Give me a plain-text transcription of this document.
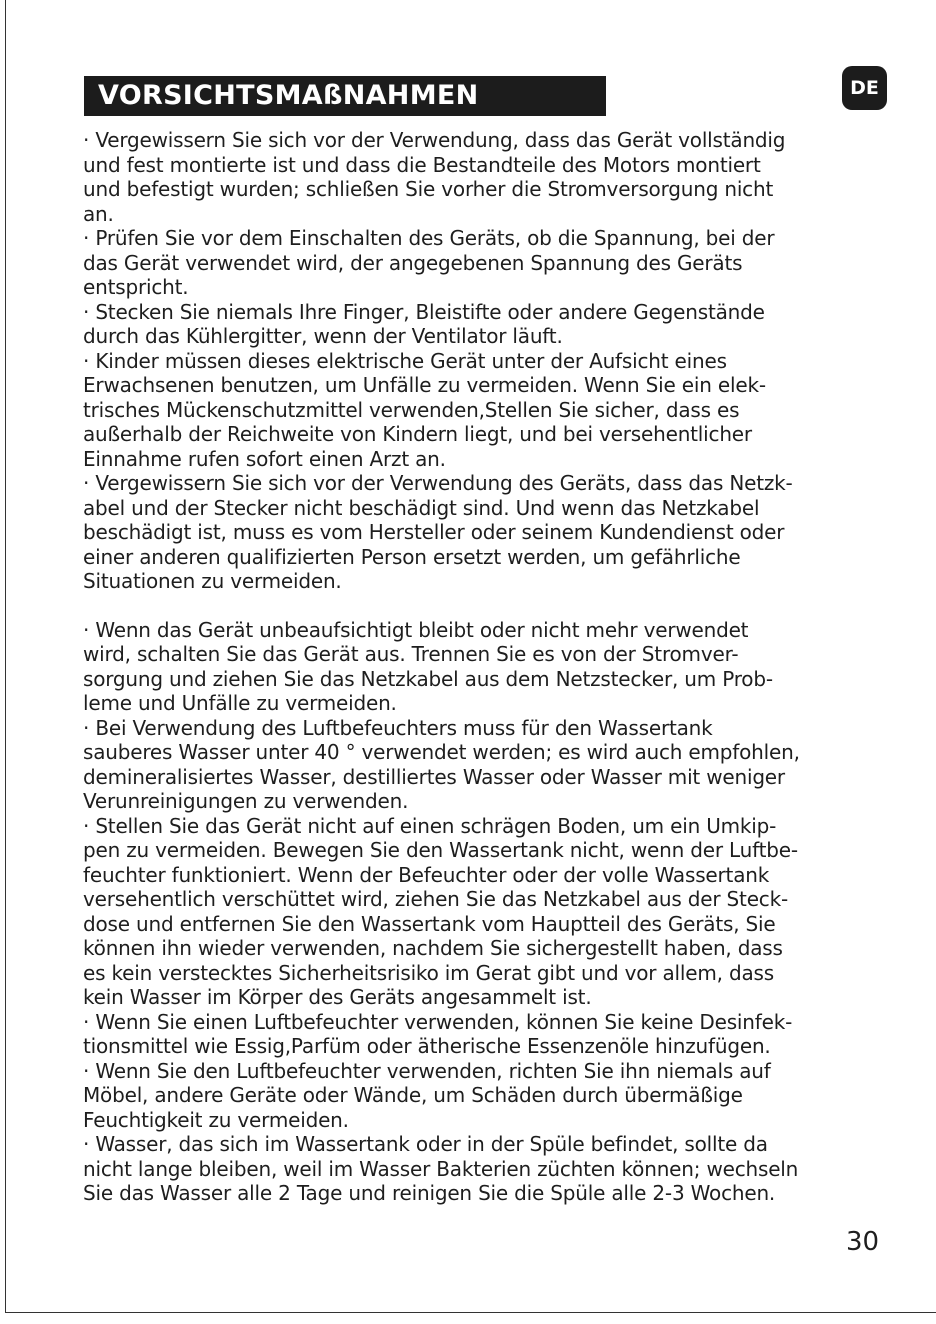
VORSICHTSMAßNAHMEN	DE

· Vergewissern Sie sich vor der Verwendung, dass das Gerät vollständig
und fest montierte ist und dass die Bestandteile des Motors montiert
und befestigt wurden; schließen Sie vorher die Stromversorgung nicht
an.

· Prüfen Sie vor dem Einschalten des Geräts, ob die Spannung, bei der
das Gerät verwendet wird, der angegebenen Spannung des Geräts
entspricht.

· Stecken Sie niemals Ihre Finger, Bleistifte oder andere Gegenstände
durch das Kühlergitter, wenn der Ventilator läuft.

· Kinder müssen dieses elektrische Gerät unter der Aufsicht eines
Erwachsenen benutzen, um Unfälle zu vermeiden. Wenn Sie ein elek-
trisches Mückenschutzmittel verwenden,Stellen Sie sicher, dass es
außerhalb der Reichweite von Kindern liegt, und bei versehentlicher
Einnahme rufen sofort einen Arzt an.

· Vergewissern Sie sich vor der Verwendung des Geräts, dass das Netzk-
abel und der Stecker nicht beschädigt sind. Und wenn das Netzkabel
beschädigt ist, muss es vom Hersteller oder seinem Kundendienst oder
einer anderen qualifizierten Person ersetzt werden, um gefährliche
Situationen zu vermeiden.

· Wenn das Gerät unbeaufsichtigt bleibt oder nicht mehr verwendet
wird, schalten Sie das Gerät aus. Trennen Sie es von der Stromver-
sorgung und ziehen Sie das Netzkabel aus dem Netzstecker, um Prob-
leme und Unfälle zu vermeiden.

· Bei Verwendung des Luftbefeuchters muss für den Wassertank
sauberes Wasser unter 40 ° verwendet werden; es wird auch empfohlen,
demineralisiertes Wasser, destilliertes Wasser oder Wasser mit weniger
Verunreinigungen zu verwenden.

· Stellen Sie das Gerät nicht auf einen schrägen Boden, um ein Umkip-
pen zu vermeiden. Bewegen Sie den Wassertank nicht, wenn der Luftbe-
feuchter funktioniert. Wenn der Befeuchter oder der volle Wassertank
versehentlich verschüttet wird, ziehen Sie das Netzkabel aus der Steck-
dose und entfernen Sie den Wassertank vom Hauptteil des Geräts, Sie
können ihn wieder verwenden, nachdem Sie sichergestellt haben, dass
es kein verstecktes Sicherheitsrisiko im Gerat gibt und vor allem, dass
kein Wasser im Körper des Geräts angesammelt ist.

· Wenn Sie einen Luftbefeuchter verwenden, können Sie keine Desinfek-
tionsmittel wie Essig,Parfüm oder ätherische Essenzenöle hinzufügen.

· Wenn Sie den Luftbefeuchter verwenden, richten Sie ihn niemals auf
Möbel, andere Geräte oder Wände, um Schäden durch übermäßige
Feuchtigkeit zu vermeiden.

· Wasser, das sich im Wassertank oder in der Spüle befindet, sollte da
nicht lange bleiben, weil im Wasser Bakterien züchten können; wechseln
Sie das Wasser alle 2 Tage und reinigen Sie die Spüle alle 2-3 Wochen.

30
